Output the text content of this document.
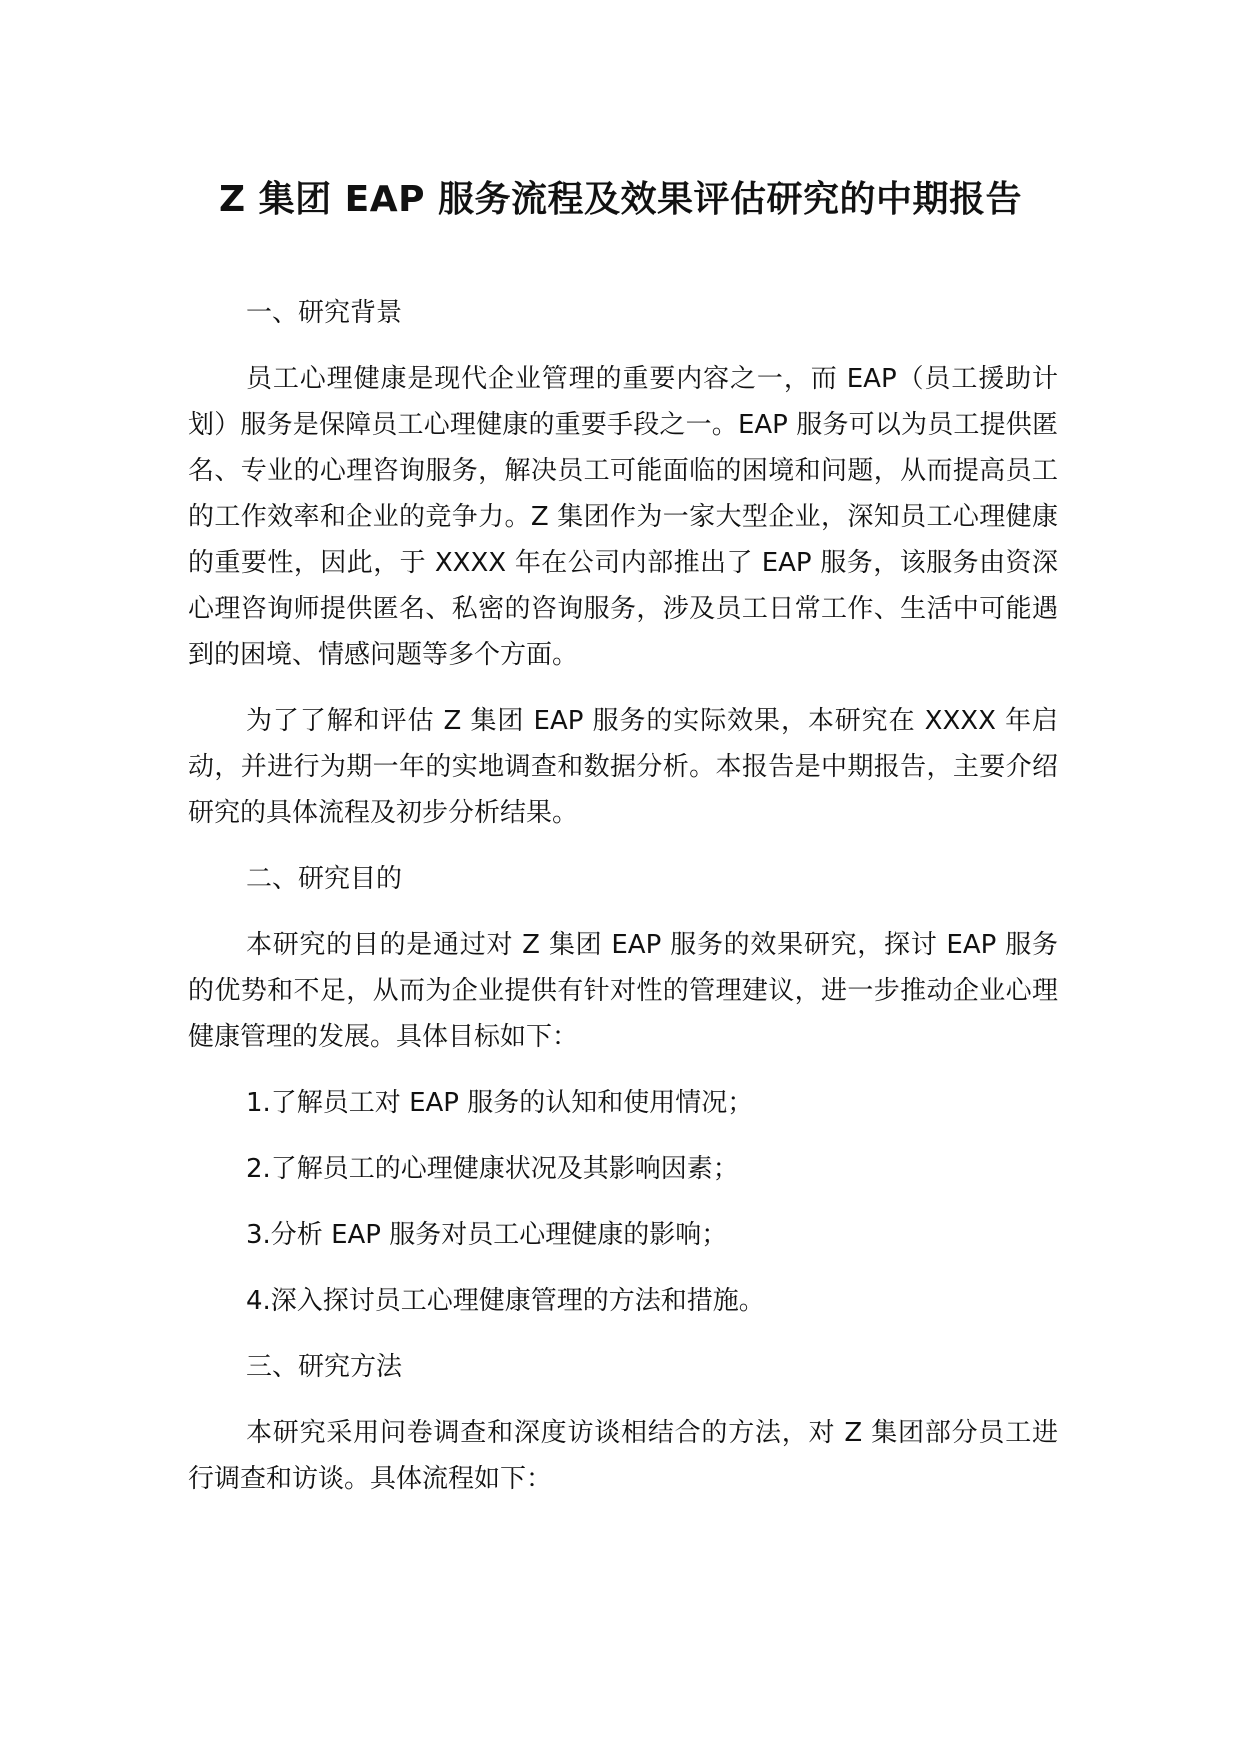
Z 集团 EAP 服务流程及效果评估研究的中期报告

一、研究背景

员工心理健康是现代企业管理的重要内容之一，而 EAP（员工援助计划）服务是保障员工心理健康的重要手段之一。EAP 服务可以为员工提供匿名、专业的心理咨询服务，解决员工可能面临的困境和问题，从而提高员工的工作效率和企业的竞争力。Z 集团作为一家大型企业，深知员工心理健康的重要性，因此，于 XXXX 年在公司内部推出了 EAP 服务，该服务由资深心理咨询师提供匿名、私密的咨询服务，涉及员工日常工作、生活中可能遇到的困境、情感问题等多个方面。

为了了解和评估 Z 集团 EAP 服务的实际效果，本研究在 XXXX 年启动，并进行为期一年的实地调查和数据分析。本报告是中期报告，主要介绍研究的具体流程及初步分析结果。

二、研究目的

本研究的目的是通过对 Z 集团 EAP 服务的效果研究，探讨 EAP 服务的优势和不足，从而为企业提供有针对性的管理建议，进一步推动企业心理健康管理的发展。具体目标如下：

1.了解员工对 EAP 服务的认知和使用情况；

2.了解员工的心理健康状况及其影响因素；

3.分析 EAP 服务对员工心理健康的影响；

4.深入探讨员工心理健康管理的方法和措施。

三、研究方法

本研究采用问卷调查和深度访谈相结合的方法，对 Z 集团部分员工进行调查和访谈。具体流程如下：
